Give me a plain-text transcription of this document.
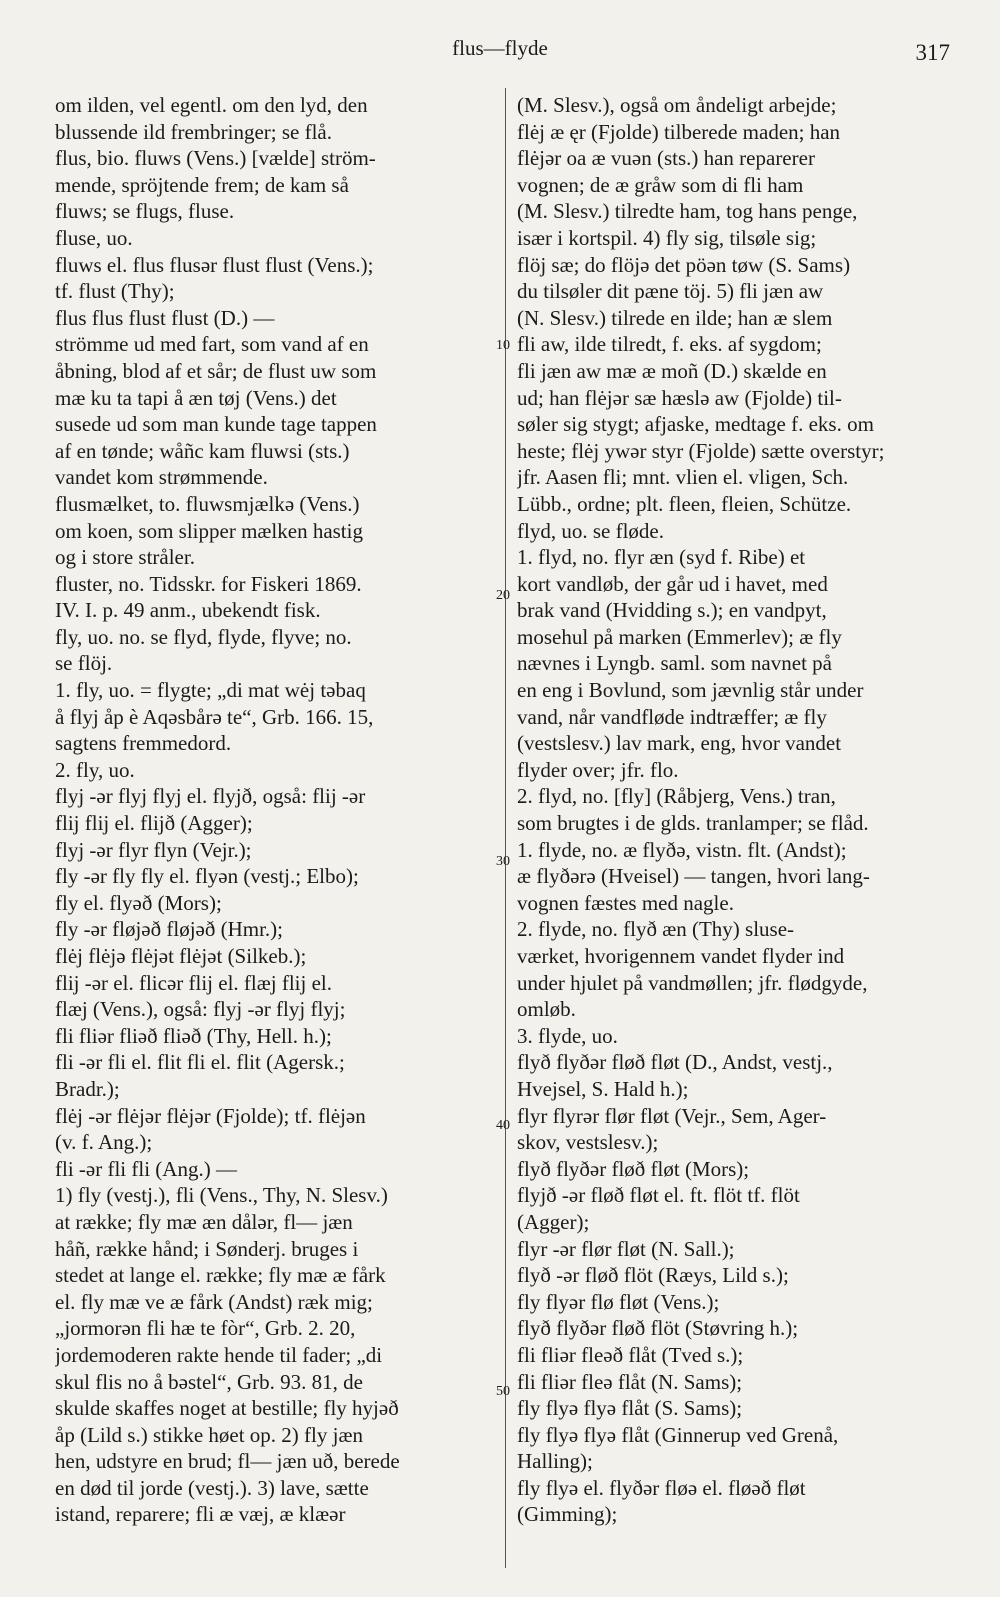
flus—flyde	317
om ilden, vel egentl. om den lyd, den
blussende ild frembringer; se flå.
flus, bio. fluws (Vens.) [vælde] ström-
mende, spröjtende frem; de kam så
fluws; se flugs, fluse.
fluse, uo.
fluws el. flus flusər flust flust (Vens.);
tf. flust (Thy);
flus flus flust flust (D.) —
strömme ud med fart, som vand af en
åbning, blod af et sår; de flust uw som
mæ ku ta tapi å æn tøj (Vens.) det
susede ud som man kunde tage tappen
af en tønde; wåñc kam fluwsi (sts.)
vandet kom strømmende.
flusmælket, to. fluwsmjælkə (Vens.)
om koen, som slipper mælken hastig
og i store stråler.
fluster, no. Tidsskr. for Fiskeri 1869.
IV. I. p. 49 anm., ubekendt fisk.
fly, uo. no. se flyd, flyde, flyve; no.
se flöj.
1. fly, uo. = flygte; „di mat wėj təbaq
å flyj åp è Aqəsbårə te“, Grb. 166. 15,
sagtens fremmedord.
2. fly, uo.
flyj -ər flyj flyj el. flyjð, også: flij -ər
flij flij el. flijð (Agger);
flyj -ər flyr flyn (Vejr.);
fly -ər fly fly el. flyən (vestj.; Elbo);
fly el. flyəð (Mors);
fly -ər fløjəð fløjəð (Hmr.);
flėj flėjə flėjət flėjət (Silkeb.);
flij -ər el. flicər flij el. flæj flij el.
flæj (Vens.), også: flyj -ər flyj flyj;
fli fliər fliəð fliəð (Thy, Hell. h.);
fli -ər fli el. flit fli el. flit (Agersk.;
Bradr.);
flėj -ər flėjər flėjər (Fjolde); tf. flėjən
(v. f. Ang.);
fli -ər fli fli (Ang.) —
1) fly (vestj.), fli (Vens., Thy, N. Slesv.)
at række; fly mæ æn dålər, fl— jæn
håñ, række hånd; i Sønderj. bruges i
stedet at lange el. række; fly mæ æ fårk
el. fly mæ ve æ fårk (Andst) ræk mig;
„jormorən fli hæ te fòr“, Grb. 2. 20,
jordemoderen rakte hende til fader; „di
skul flis no å bəstel“, Grb. 93. 81, de
skulde skaffes noget at bestille; fly hyjəð
åp (Lild s.) stikke høet op. 2) fly jæn
hen, udstyre en brud; fl— jæn uð, berede
en død til jorde (vestj.). 3) lave, sætte
istand, reparere; fli æ væj, æ klæər
(M. Slesv.), også om åndeligt arbejde;
flėj æ ęr (Fjolde) tilberede maden; han
flėjər oa æ vuən (sts.) han reparerer
vognen; de æ gråw som di fli ham
(M. Slesv.) tilredte ham, tog hans penge,
især i kortspil. 4) fly sig, tilsøle sig;
flöj sæ; do flöjə det pöən tøw (S. Sams)
du tilsøler dit pæne töj. 5) fli jæn aw
(N. Slesv.) tilrede en ilde; han æ slem
fli aw, ilde tilredt, f. eks. af sygdom;
fli jæn aw mæ æ moñ (D.) skælde en
ud; han flėjər sæ hæslə aw (Fjolde) til-
søler sig stygt; afjaske, medtage f. eks. om
heste; flėj ywər styr (Fjolde) sætte overstyr;
jfr. Aasen fli; mnt. vlien el. vligen, Sch.
Lübb., ordne; plt. fleen, fleien, Schütze.
flyd, uo. se fløde.
1. flyd, no. flyr æn (syd f. Ribe) et
kort vandløb, der går ud i havet, med
brak vand (Hvidding s.); en vandpyt,
mosehul på marken (Emmerlev); æ fly
nævnes i Lyngb. saml. som navnet på
en eng i Bovlund, som jævnlig står under
vand, når vandfløde indtræffer; æ fly
(vestslesv.) lav mark, eng, hvor vandet
flyder over; jfr. flo.
2. flyd, no. [fly] (Råbjerg, Vens.) tran,
som brugtes i de glds. tranlamper; se flåd.
1. flyde, no. æ flyðə, vistn. flt. (Andst);
æ flyðərə (Hveisel) — tangen, hvori lang-
vognen fæstes med nagle.
2. flyde, no. flyð æn (Thy) sluse-
værket, hvorigennem vandet flyder ind
under hjulet på vandmøllen; jfr. flødgyde,
omløb.
3. flyde, uo.
flyð flyðər fløð fløt (D., Andst, vestj.,
Hvejsel, S. Hald h.);
flyr flyrər flør fløt (Vejr., Sem, Ager-
skov, vestslesv.);
flyð flyðər fløð fløt (Mors);
flyjð -ər fløð fløt el. ft. flöt tf. flöt
(Agger);
flyr -ər flør fløt (N. Sall.);
flyð -ər fløð flöt (Ræys, Lild s.);
fly flyər flø fløt (Vens.);
flyð flyðər fløð flöt (Støvring h.);
fli fliər fleəð flåt (Tved s.);
fli fliər fleə flåt (N. Sams);
fly flyə flyə flåt (S. Sams);
fly flyə flyə flåt (Ginnerup ved Grenå,
Halling);
fly flyə el. flyðər fløə el. fløəð fløt
(Gimming);
10
20
30
40
50
